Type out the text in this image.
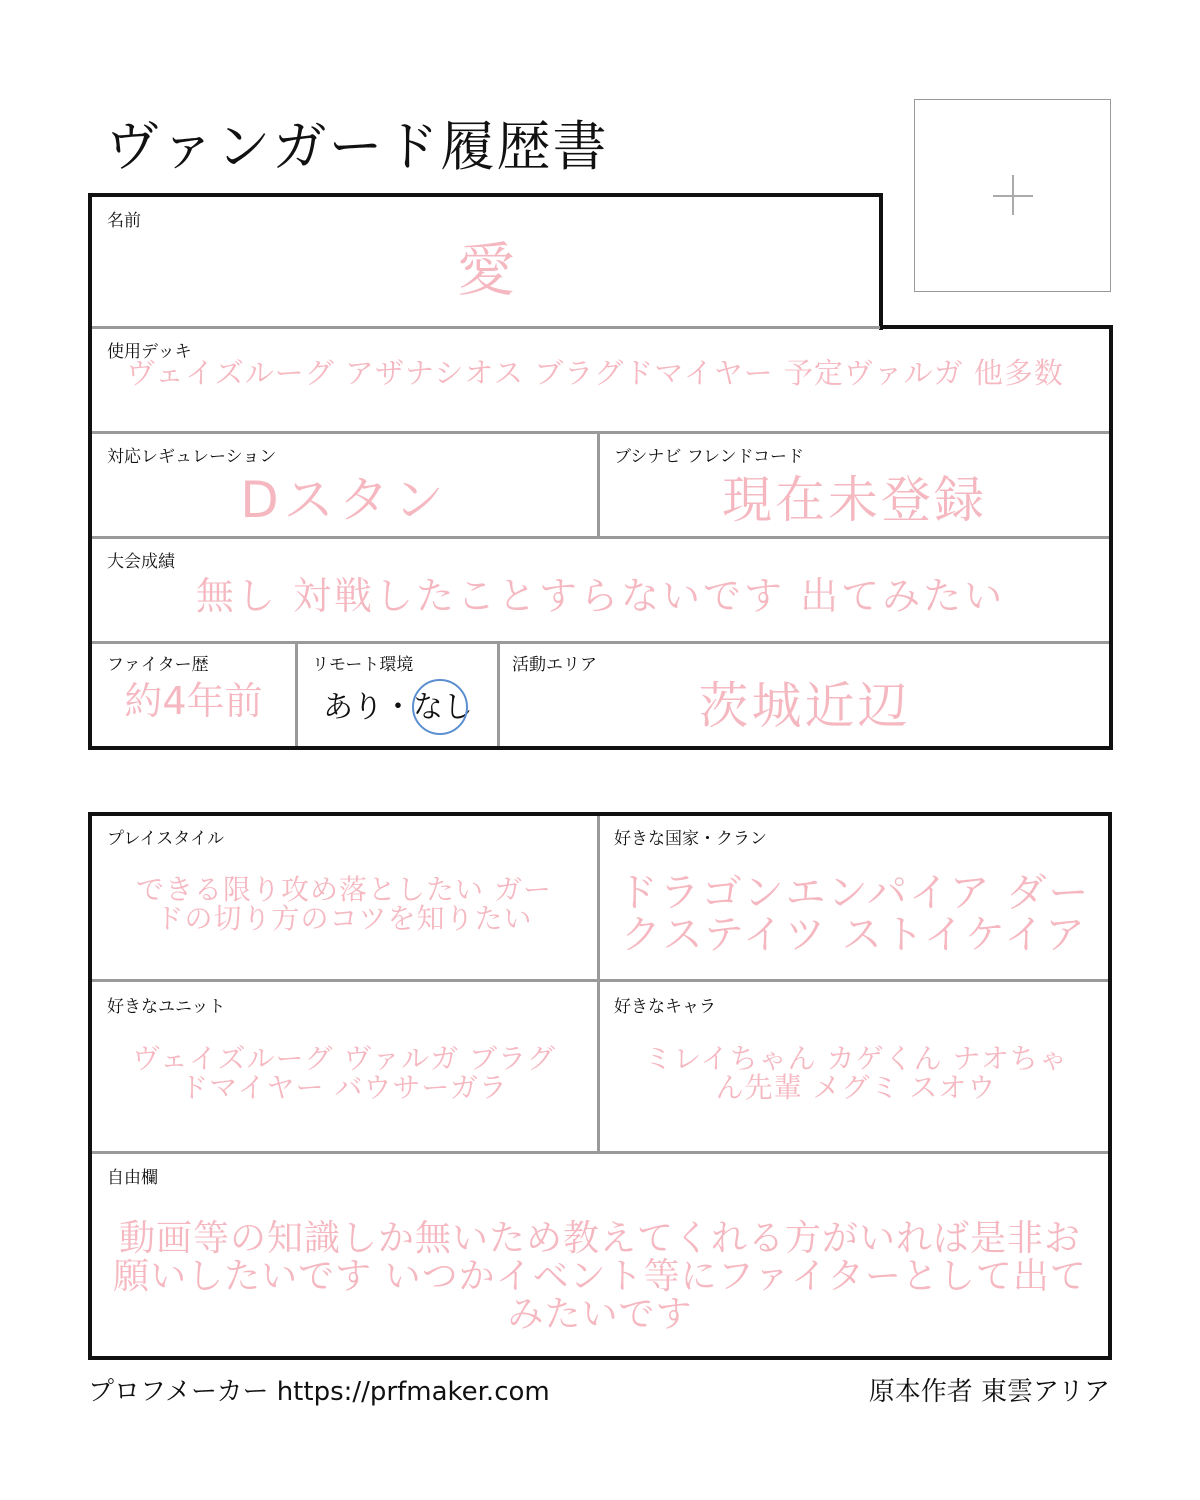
ヴァンガード履歴書
名前
愛
使用デッキ
ヴェイズルーグ アザナシオス ブラグドマイヤー 予定ヴァルガ 他多数
対応レギュレーション
Dスタン
ブシナビ フレンドコード
現在未登録
大会成績
無し 対戦したことすらないです 出てみたい
ファイター歴
約4年前
リモート環境
あり・なし
活動エリア
茨城近辺
プレイスタイル
できる限り攻め落としたい ガードの切り方のコツを知りたい
好きな国家・クラン
ドラゴンエンパイア ダークステイツ ストイケイア
好きなユニット
ヴェイズルーグ ヴァルガ ブラグドマイヤー バウサーガラ
好きなキャラ
ミレイちゃん カゲくん ナオちゃん先輩 メグミ スオウ
自由欄
動画等の知識しか無いため教えてくれる方がいれば是非お願いしたいです いつかイベント等にファイターとして出てみたいです
プロフメーカー https://prfmaker.com	原本作者 東雲アリア
